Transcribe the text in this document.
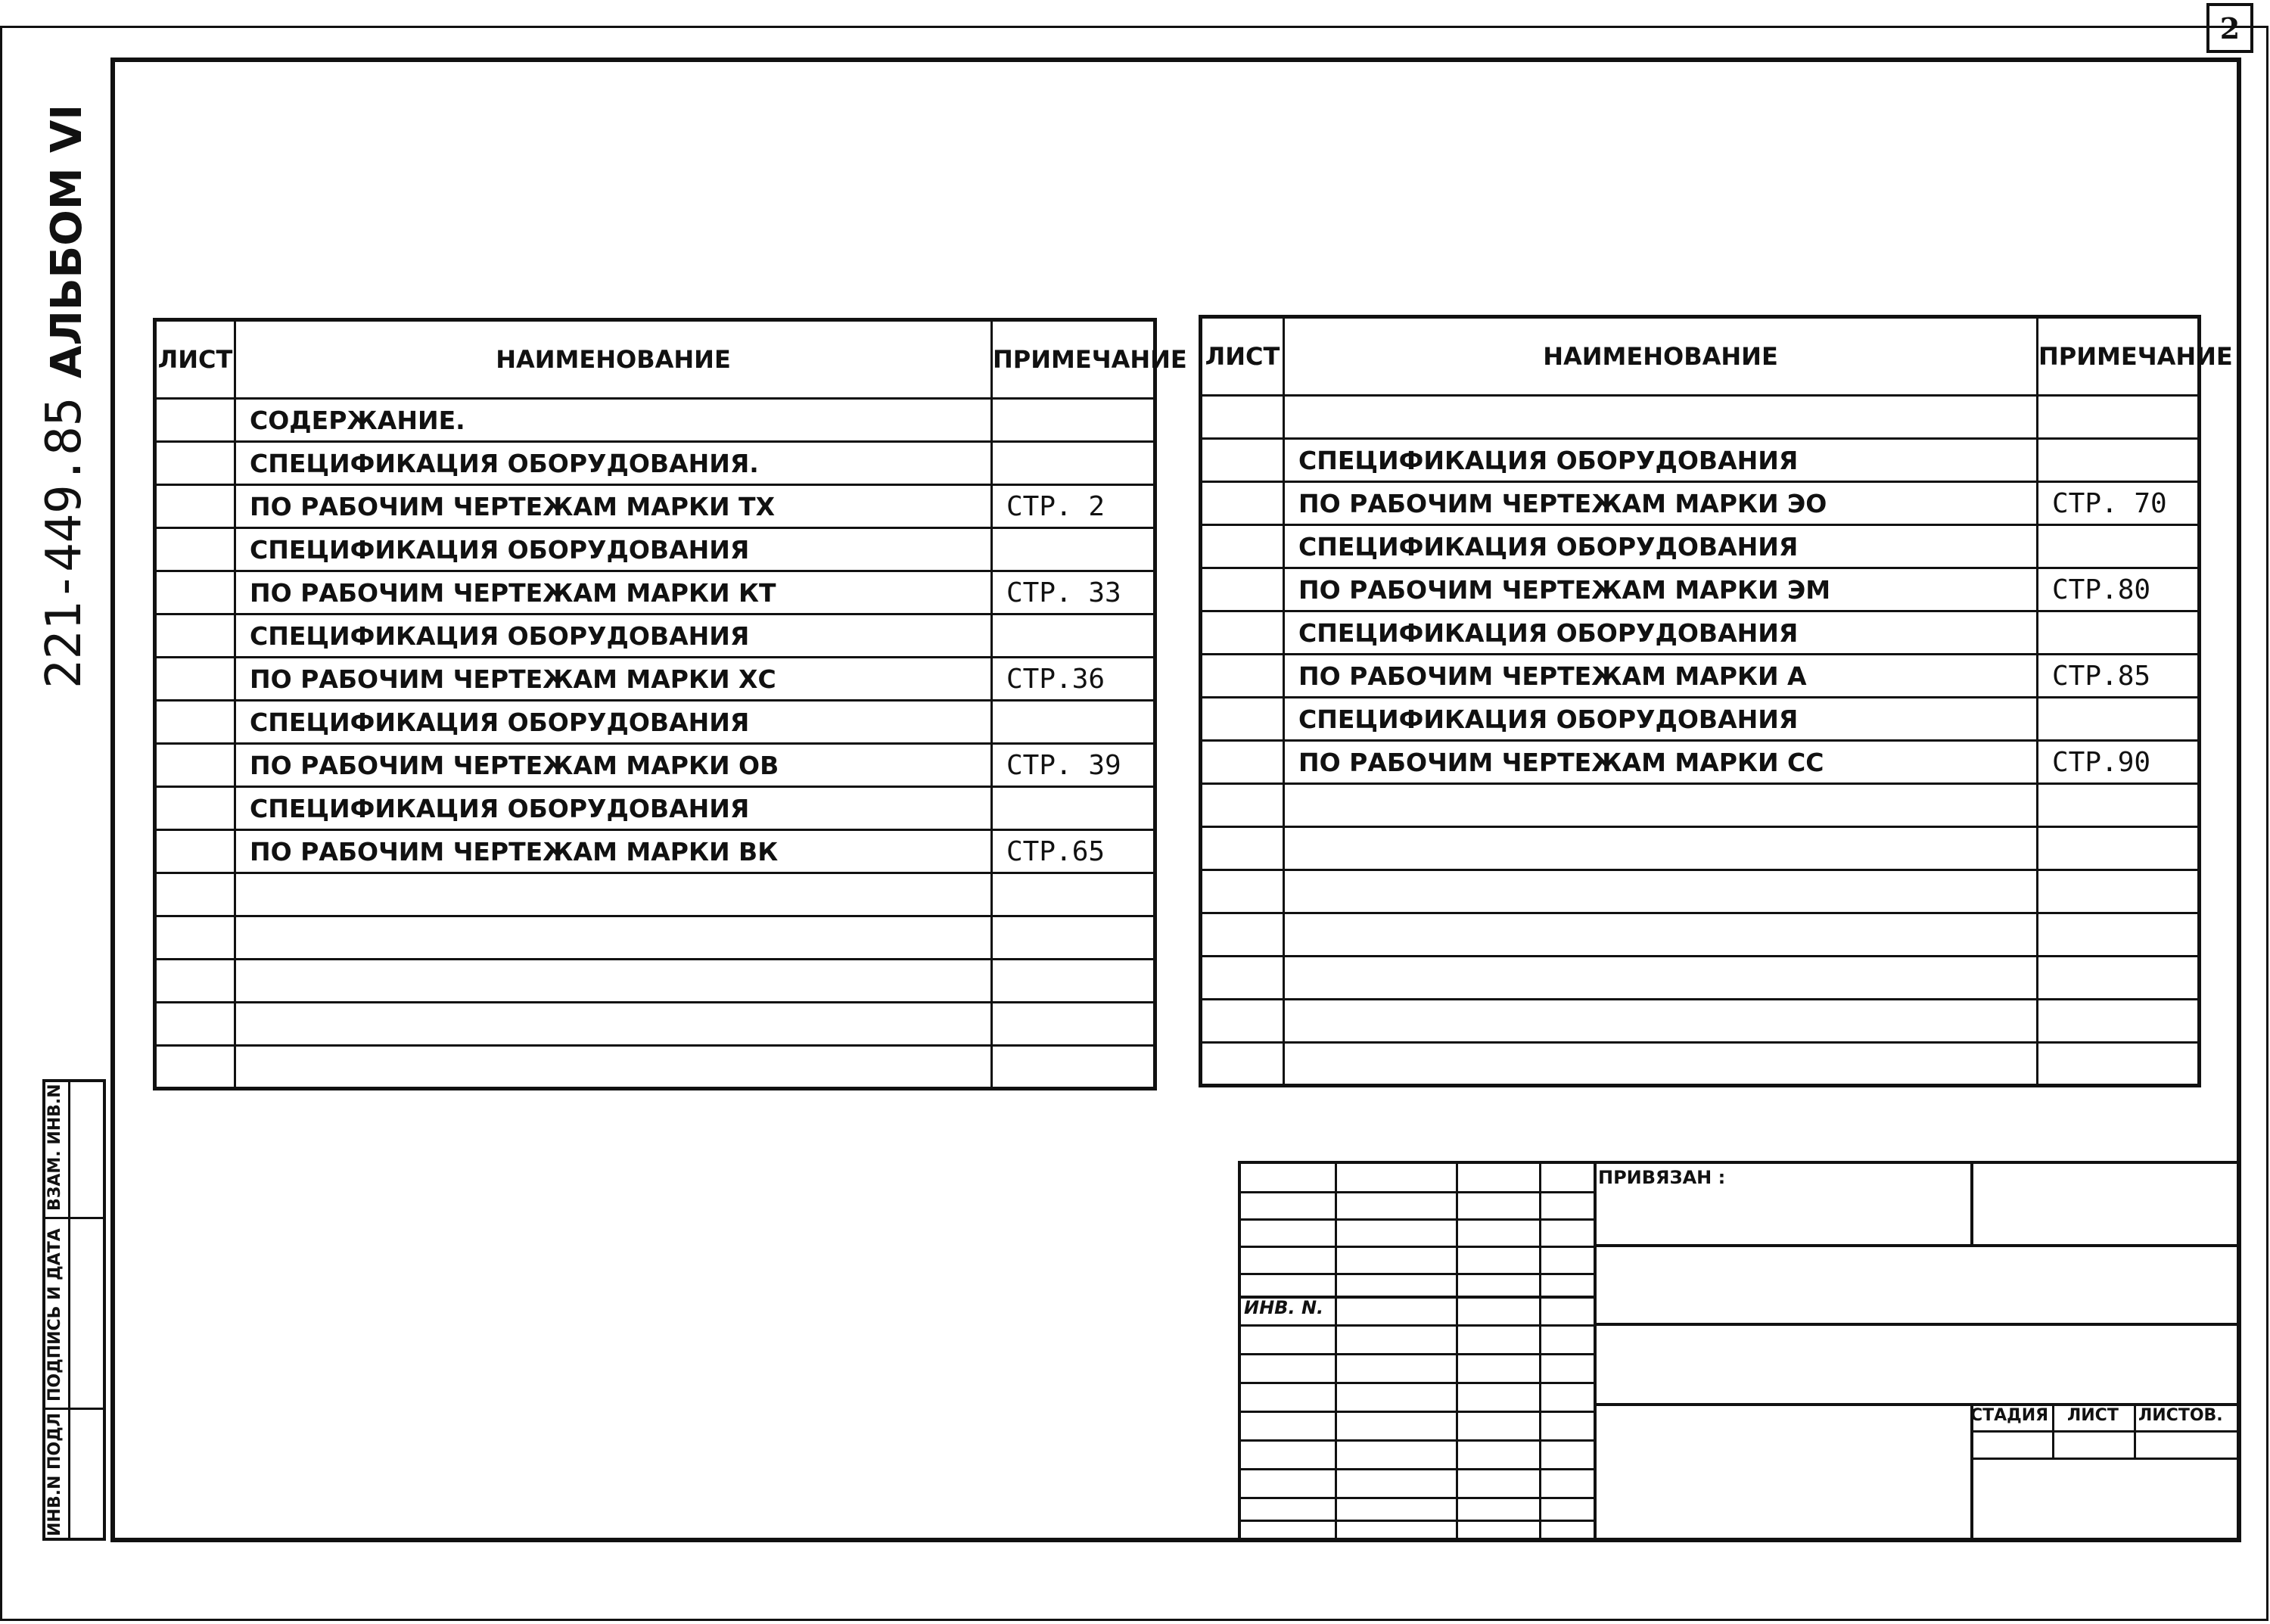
2
221-449.85
АЛЬБОМ VI
ИНВ.N ПОДЛ
ПОДПИСЬ И ДАТА
ВЗАМ. ИНВ.N
ЛИСТ	НАИМЕНОВАНИЕ	ПРИМЕЧАНИЕ
	СОДЕРЖАНИЕ.	
	СПЕЦИФИКАЦИЯ ОБОРУДОВАНИЯ.	
	ПО РАБОЧИМ ЧЕРТЕЖАМ МАРКИ ТХ	СТР. 2
	СПЕЦИФИКАЦИЯ ОБОРУДОВАНИЯ	
	ПО РАБОЧИМ ЧЕРТЕЖАМ МАРКИ КТ	СТР. 33
	СПЕЦИФИКАЦИЯ ОБОРУДОВАНИЯ	
	ПО РАБОЧИМ ЧЕРТЕЖАМ МАРКИ ХС	СТР.36
	СПЕЦИФИКАЦИЯ ОБОРУДОВАНИЯ	
	ПО РАБОЧИМ ЧЕРТЕЖАМ МАРКИ ОВ	СТР. 39
	СПЕЦИФИКАЦИЯ ОБОРУДОВАНИЯ	
	ПО РАБОЧИМ ЧЕРТЕЖАМ МАРКИ ВК	СТР.65

ЛИСТ	НАИМЕНОВАНИЕ	ПРИМЕЧАНИЕ

	СПЕЦИФИКАЦИЯ ОБОРУДОВАНИЯ	
	ПО РАБОЧИМ ЧЕРТЕЖАМ МАРКИ ЭО	СТР. 70
	СПЕЦИФИКАЦИЯ ОБОРУДОВАНИЯ	
	ПО РАБОЧИМ ЧЕРТЕЖАМ МАРКИ ЭМ	СТР.80
	СПЕЦИФИКАЦИЯ ОБОРУДОВАНИЯ	
	ПО РАБОЧИМ ЧЕРТЕЖАМ МАРКИ А	СТР.85
	СПЕЦИФИКАЦИЯ ОБОРУДОВАНИЯ	
	ПО РАБОЧИМ ЧЕРТЕЖАМ МАРКИ СС	СТР.90

ПРИВЯЗАН :
ИНВ. N.
СТАДИЯ ЛИСТ ЛИСТОВ.
